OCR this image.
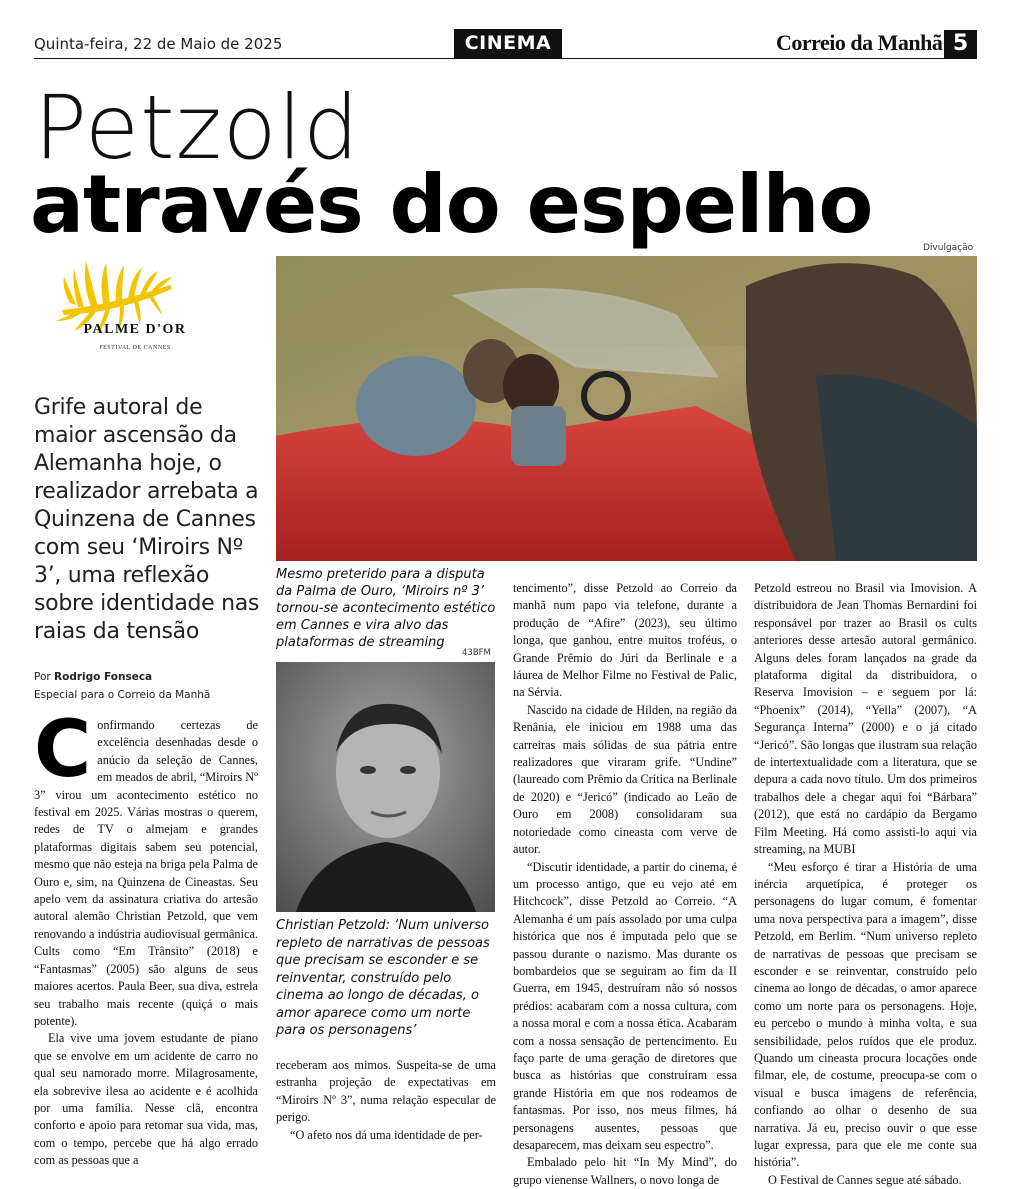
Quinta-feira, 22 de Maio de 2025	CINEMA	Correio da Manhã 5
Petzold
através do espelho	Divulgação
PALME D'OR
FESTIVAL DE CANNES
Grife autoral de maior ascensão da Alemanha hoje, o realizador arrebata a Quinzena de Cannes com seu ‘Miroirs Nº 3’, uma reflexão sobre identidade nas raias da tensão
Por Rodrigo Fonseca
Especial para o Correio da Manhã
Mesmo preterido para a disputa da Palma de Ouro, ‘Miroirs nº 3’ tornou-se acontecimento estético em Cannes e vira alvo das plataformas de streaming
43BFM
Christian Petzold: ‘Num universo repleto de narrativas de pessoas que precisam se esconder e se reinventar, construído pelo cinema ao longo de décadas, o amor aparece como um norte para os personagens’

Confirmando certezas de excelência desenhadas desde o anúcio da seleção de Cannes, em meados de abril, “Miroirs Nº 3” virou um acontecimento estético no festival em 2025. Várias mostras o querem, redes de TV o almejam e grandes plataformas digitais sabem seu potencial, mesmo que não esteja na briga pela Palma de Ouro e, sim, na Quinzena de Cineastas. Seu apelo vem da assinatura criativa do artesão autoral alemão Christian Petzold, que vem renovando a indústria audiovisual germânica. Cults como “Em Trânsito” (2018) e “Fantasmas” (2005) são alguns de seus maiores acertos. Paula Beer, sua diva, estrela seu trabalho mais recente (quiçá o mais potente).

Ela vive uma jovem estudante de piano que se envolve em um acidente de carro no qual seu namorado morre. Milagrosamente, ela sobrevive ilesa ao acidente e é acolhida por uma família. Nesse clã, encontra conforto e apoio para retomar sua vida, mas, com o tempo, percebe que há algo errado com as pessoas que a

receberam aos mimos. Suspeita-se de uma estranha projeção de expectativas em “Miroirs Nº 3”, numa relação especular de perigo.

“O afeto nos dá uma identidade de per-

tencimento”, disse Petzold ao Correio da manhã num papo via telefone, durante a produção de “Afire” (2023), seu último longa, que ganhou, entre muitos troféus, o Grande Prêmio do Júri da Berlinale e a láurea de Melhor Filme no Festival de Palic, na Sérvia.

Nascido na cidade de Hilden, na região da Renânia, ele iniciou em 1988 uma das carreiras mais sólidas de sua pátria entre realizadores que viraram grife. “Undine” (laureado com Prêmio da Crítica na Berlinale de 2020) e “Jericó” (indicado ao Leão de Ouro em 2008) consolidaram sua notoriedade como cineasta com verve de autor.

“Discutir identidade, a partir do cinema, é um processo antigo, que eu vejo até em Hitchcock”, disse Petzold ao Correio. “A Alemanha é um país assolado por uma culpa histórica que nos é imputada pelo que se passou durante o nazismo. Mas durante os bombardeios que se seguiram ao fim da II Guerra, em 1945, destruíram não só nossos prédios: acabaram com a nossa cultura, com a nossa moral e com a nossa ética. Acabaram com a nossa sensação de pertencimento. Eu faço parte de uma geração de diretores que busca as histórias que construíram essa grande História em que nos rodeamos de fantasmas. Por isso, nos meus filmes, há personagens ausentes, pessoas que desaparecem, mas deixam seu espectro”.

Embalado pelo hit “In My Mind”, do grupo vienense Wallners, o novo longa de

Petzold estreou no Brasil via Imovision. A distribuidora de Jean Thomas Bernardini foi responsável por trazer ao Brasil os cults anteriores desse artesão autoral germânico. Alguns deles foram lançados na grade da plataforma digital da distribuidora, o Reserva Imovision – e seguem por lá: “Phoenix” (2014), “Yella” (2007), “A Segurança Interna” (2000) e o já citado “Jericó”. São longas que ilustram sua relação de intertextualidade com a literatura, que se depura a cada novo título. Um dos primeiros trabalhos dele a chegar aqui foi “Bárbara” (2012), que está no cardápio da Bergamo Film Meeting. Há como assisti-lo aqui via streaming, na MUBI

“Meu esforço é tirar a História de uma inércia arquetípica, é proteger os personagens do lugar comum, é fomentar uma nova perspectiva para a imagem”, disse Petzold, em Berlim. “Num universo repleto de narrativas de pessoas que precisam se esconder e se reinventar, construído pelo cinema ao longo de décadas, o amor aparece como um norte para os personagens. Hoje, eu percebo o mundo à minha volta, e sua sensibilidade, pelos ruídos que ele produz. Quando um cineasta procura locações onde filmar, ele, de costume, preocupa-se com o visual e busca imagens de referência, confiando ao olhar o desenho de sua narrativa. Já eu, preciso ouvir o que esse lugar expressa, para que ele me conte sua história”.

O Festival de Cannes segue até sábado.
